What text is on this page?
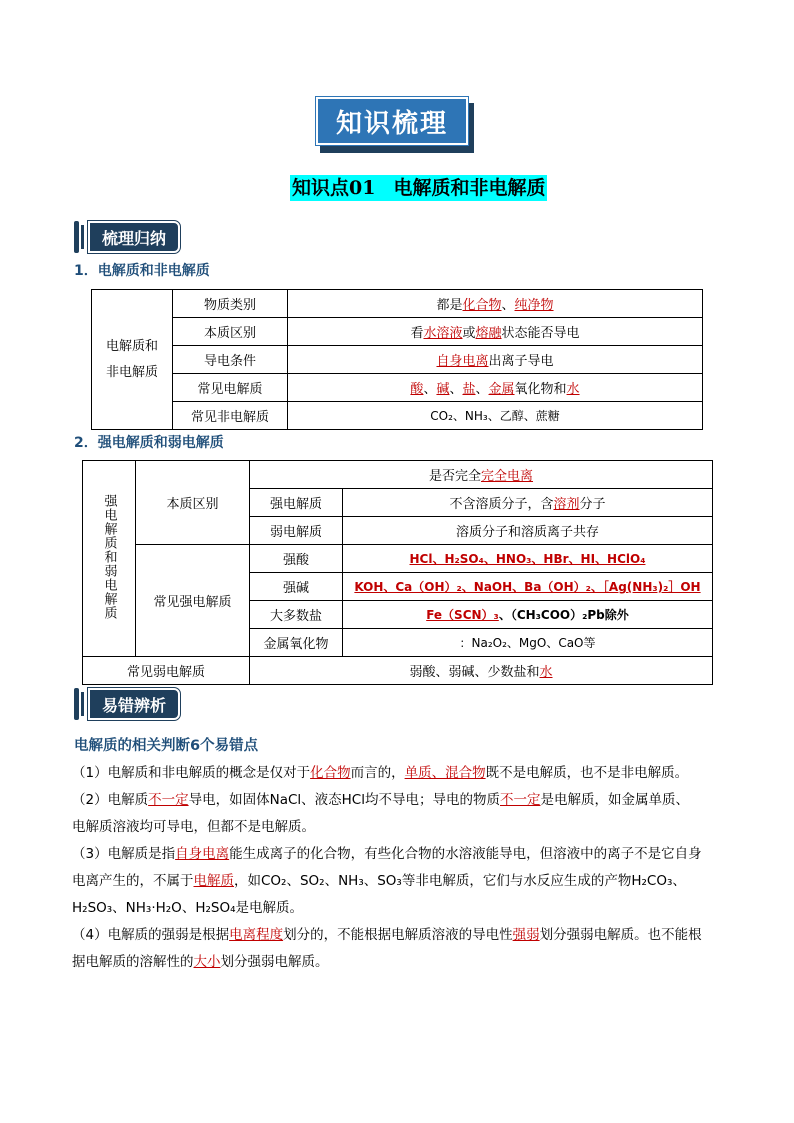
知识梳理
知识点01 电解质和非电解质
梳理归纳
1．电解质和非电解质
电解质和
非电解质	物质类别	都是化合物、纯净物
	本质区别	看水溶液或熔融状态能否导电
	导电条件	自身电离出离子导电
	常见电解质	酸、碱、盐、金属氧化物和水
	常见非电解质	CO₂、NH₃、乙醇、蔗糖
2．强电解质和弱电解质
强电解质和弱电解质	本质区别	是否完全完全电离	
		强电解质	不含溶质分子，含溶剂分子
		弱电解质	溶质分子和溶质离子共存
	常见强电解质	强酸	HCl、H₂SO₄、HNO₃、HBr、HI、HClO₄
		强碱	KOH、Ca（OH）₂、NaOH、Ba（OH）₂、［Ag(NH₃)₂］OH
		大多数盐	Fe（SCN）₃、（CH₃COO）₂Pb除外
		金属氧化物	：Na₂O₂、MgO、CaO等
常见弱电解质		弱酸、弱碱、少数盐和水	
易错辨析
电解质的相关判断6个易错点

（1）电解质和非电解质的概念是仅对于化合物而言的，单质、混合物既不是电解质，也不是非电解质。

（2）电解质不一定导电，如固体NaCl、液态HCl均不导电；导电的物质不一定是电解质，如金属单质、

电解质溶液均可导电，但都不是电解质。

（3）电解质是指自身电离能生成离子的化合物，有些化合物的水溶液能导电，但溶液中的离子不是它自身

电离产生的，不属于电解质，如CO₂、SO₂、NH₃、SO₃等非电解质，它们与水反应生成的产物H₂CO₃、

H₂SO₃、NH₃·H₂O、H₂SO₄是电解质。

（4）电解质的强弱是根据电离程度划分的，不能根据电解质溶液的导电性强弱划分强弱电解质。也不能根

据电解质的溶解性的大小划分强弱电解质。
